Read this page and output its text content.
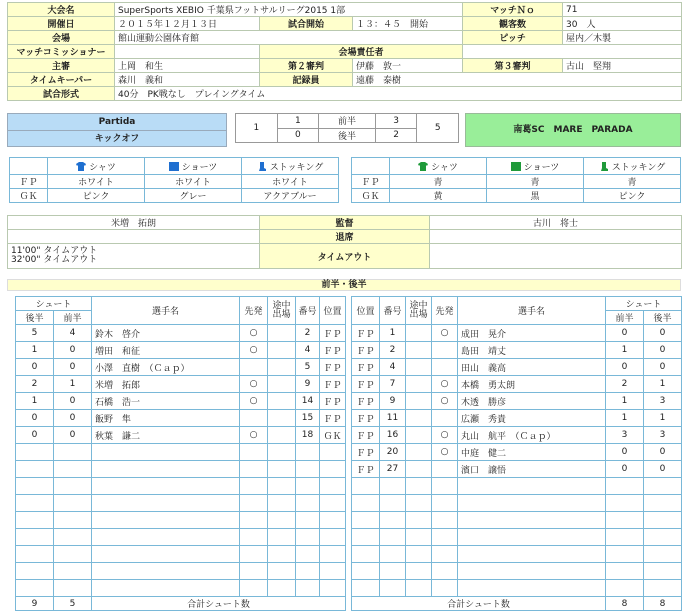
大会名	SuperSports XEBIO 千葉県フットサルリーグ2015 1部			マッチＮｏ	71
開催日	２０１５年１２月１３日	試合開始	１３：４５　開始	観客数	30　人
会場	館山運動公園体育館			ピッチ	屋内／木製
マッチコミッショナー		会場責任者			
主審	上岡　和生	第２審判	伊藤　敦一	第３審判	古山　堅翔
タイムキーパー	森川　義和	記録員	遠藤　泰樹		
試合形式	40分　PK戦なし　プレイングタイム				
Partida
キックオフ
1	1	前半	3	5
	0	後半	2	
南葛SC　MARE　PARADA
	シャツ	ショーツ	ストッキング
ＦＰ	ホワイト	ホワイト	ホワイト
ＧＫ	ピンク	グレー	アクアブルー
	シャツ	ショーツ	ストッキング
ＦＰ	青	青	青
ＧＫ	黄	黒	ピンク
米増　拓朗	監督	古川　将士
	退席	

11'00" タイムアウト
32'00" タイムアウト	タイムアウト	
前半・後半
シュート		選手名	先発	途中出場	番号	位置
後半	前半					
5	4	鈴木　啓介	○		2	ＦＰ
1	0	増田　和征	○		4	ＦＰ
0	0	小澤　直樹　（Ｃａｐ）			5	ＦＰ
2	1	米増　拓郎	○		9	ＦＰ
1	0	石橋　浩一	○		14	ＦＰ
0	0	飯野　隼			15	ＦＰ
0	0	秋葉　謙二	○		18	ＧＫ

9	5	合計シュート数				
位置	番号	途中出場	先発	選手名	シュート	
					前半	後半
ＦＰ	1		○	成田　晃介	0	0
ＦＰ	2			島田　靖丈	1	0
ＦＰ	4			田山　義高	0	0
ＦＰ	7		○	本橋　勇太朗	2	1
ＦＰ	9		○	木透　勝彦	1	3
ＦＰ	11			広瀬　秀貴	1	1
ＦＰ	16		○	丸山　航平　（Ｃａｐ）	3	3
ＦＰ	20		○	中庭　健二	0	0
ＦＰ	27			濱口　譲悟	0	0

合計シュート数					8	8
